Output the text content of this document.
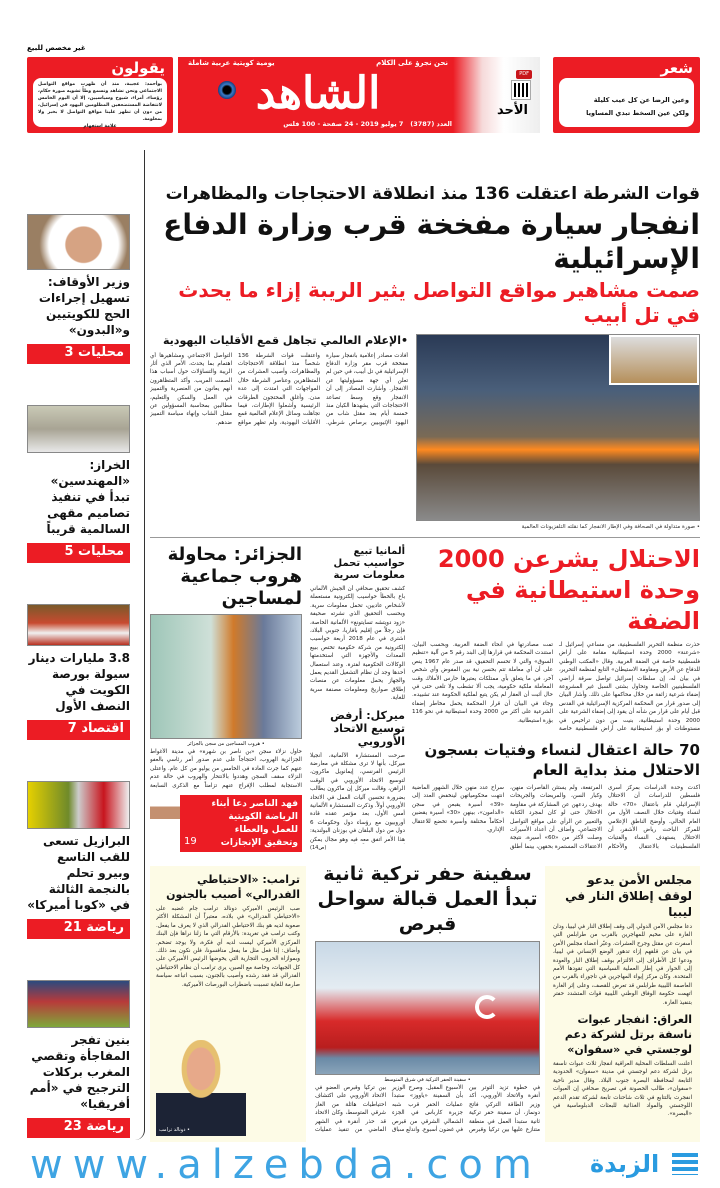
غير مخصص للبيع
يقولون
بوأحمد: عجيبة، منذ أن ظهرت مواقع التواصل الاجتماعي ونحن نشاهد ونسمع وطأً تشويه صورة حكام، رؤساء، أمراء، شيوخ وسياسيين، إلا أن اليوم الخامس لانتفاضة المستضعفين المظلومين اليهود في إسرائيل، من دون أن تظهر علينا مواقع التواصل لا بخبر ولا بمعلومة.
علامة استفهام
نحن نجرؤ على الكلام
يومية كويتية عربية شاملة
الشاهد
العدد (3787)   7 يوليو 2019 - 24 صفحة - 100 فلس
PDF
الأحد
شعر
وعين الرضا عن كل عيب كليلة
ولكن عين السخط تبدي المساويا
وزير الأوقاف: تسهيل إجراءات الحج للكويتيين و«البدون»
محليات 3
الخراز: «المهندسين» تبدأ في تنفيذ تصاميم مقهى السالمية قريباً
محليات 5
3.8 مليارات دينار سيولة بورصة الكويت في النصف الأول
اقتصاد 7
البرازيل تسعى للقب التاسع وبيرو تحلم بالنجمة الثالثة في «كوبا أميركا»
رياضة 21
بنين تفجر المفاجأة وتقصي المغرب بركلات الترجيح في «أمم أفريقيا»
رياضة 23
قوات الشرطة اعتقلت 136 منذ انطلاقة الاحتجاجات والمظاهرات
انفجار سيارة مفخخة قرب وزارة الدفاع الإسرائيلية
صمت مشاهير مواقع التواصل يثير الريبة إزاء ما يحدث في تل أبيب
• صورة متداولة في الصحافة وفي الإطار الانفجار كما نقلته التلفزيونات العالمية
•الإعلام العالمي تجاهل قمع الأقليات اليهودية
أفادت مصادر إعلامية بانفجار سيارة مفخخة قرب مقر وزارة الدفاع الإسرائيلية في تل أبيب، في حين لم تعلن أي جهة مسؤوليتها عن الانفجار. وأشارت المصادر إلى أن الانفجار وقع وسط تصاعد الاحتجاجات التي يشهدها الكيان منذ خمسة أيام بعد مقتل شاب من اليهود الإثيوبيين برصاص شرطي. واعتقلت قوات الشرطة 136 شخصاً منذ انطلاقة الاحتجاجات والمظاهرات، وأصيب العشرات من المتظاهرين وعناصر الشرطة خلال المواجهات التي امتدت إلى عدة مدن. وأغلق المحتجون الطرقات الرئيسية وأشعلوا الإطارات، فيما تجاهلت وسائل الإعلام العالمية قمع الأقليات اليهودية، ولم تظهر مواقع التواصل الاجتماعي ومشاهيرها أي اهتمام بما يحدث، الأمر الذي أثار الريبة والتساؤلات حول أسباب هذا الصمت المريب. وأكد المتظاهرون أنهم يعانون من العنصرية والتمييز في العمل والسكن والتعليم، مطالبين بمحاسبة المسؤولين عن مقتل الشاب وإنهاء سياسة التمييز ضدهم.
الجزائر: محاولة هروب جماعية لمساجين
• هروب المساجين من سجن بالجزائر
حاول نزلاء سجن «بن ناصر بن شهرة» في مدينة الأغواط الجزائرية الهروب، احتجاجاً على عدم صدور أمر رئاسي بالعفو عنهم كما جرت العادة في الخامس من يوليو من كل عام. واعتلى النزلاء سقف السجن وهددوا بالانتحار والهروب في حالة عدم الاستجابة لمطلب الإفراج عنهم تزامناً مع الذكرى السابعة
ألمانيا تبيع حواسيب تحمل معلومات سرية
كشف تحقيق صحافي أن الجيش الألماني باع بالخطأ حواسيب إلكترونية مستعملة لأشخاص عاديين، تحمل معلومات سرية. وبحسب التحقيق الذي نشرته صحيفة «زود دويتشه تسايتونغ» الألمانية الخاصة، فإن رجلاً من إقليم بافاريا، جنوبي البلاد، اشترى في عام 2018 أربعة حواسيب إلكترونية من شركة حكومية تختص ببيع المعدات والأجهزة التي استخدمتها الوكالات الحكومية لفترة. وعند استعمال أحدها وجد أن نظام التشغيل القديم يعمل والجهاز يحمل معلومات عن منصات إطلاق صواريخ ومعلومات مصنفة سرية للغاية.
ميركل: أرفض توسيع الاتحاد الأوروبي
صرحت المستشارة الألمانية، أنجيلا ميركل، بأنها لا ترى مشكلة في معارضة الرئيس الفرنسي، إيمانويل ماكرون، لتوسيع الاتحاد الأوروبي في الوقت الراهن، وقالت ميركل إن ماكرون يطالب بضرورة تحسين آليات العمل في الاتحاد الأوروبي أولاً. وذكرت المستشارة الألمانية أمس الأول، بعد مؤتمر عقده قادة أوروبيون مع رؤساء دول وحكومات 6 دول من دول البلقان في بوزنان البولندية: هذا الأمر اتفق معه فيه وهو مجال يمكن
(ص14)
الاحتلال يشرعن 2000 وحدة استيطانية في الضفة
حذرت منظمة التحرير الفلسطينية، من مساعي إسرائيل لـ «شرعنة» 2000 وحدة استيطانية مقامة على أراض فلسطينية خاصة في الضفة الغربية. وقال «المكتب الوطني للدفاع عن الأرض ومقاومة الاستيطان» التابع لمنظمة التحرير، في بيان له، إن سلطات إسرائيل تواصل سرقة أراضي الفلسطينيين الخاصة وتحاول بشتى السبل غير المشروعة إضفاء شرعية زائفة من خلال محاكمها على ذلك. وأشار البيان إلى صدور قرار من المحكمة المركزية الإسرائيلية في القدس قبل أيام على قرار من شأنه أن يقود إلى إضفاء الشرعية على 2000 وحدة استيطانية، بنيت من دون تراخيص في مستوطنات أو بؤر استيطانية على أراض فلسطينية خاصة تمت مصادرتها في أنحاء الضفة الغربية. وبحسب البيان، استندت المحكمة في قرارها إلى البند رقم 5 من آلية «تنظيم السوق» والتي لا تحسم التحقيق، قد صدر عام 1967 ينص على أن أي معاملة تتم بحسن نية بين المفوض وأي شخص آخر، في ما يتعلق بأي ممتلكات يعتبرها حارس الأملاك وقت المعاملة ملكية حكومية، يجب ألا تشطب ولا تلغى حتى في حال أثبت أن العقار لم يكن يتبع لملكية الحكومة عند تشييده. وجاء في البيان أن قرار المحكمة يحمل مخاطر إضفاء الشرعية على أكثر من 2000 وحدة استيطانية في نحو 116 بؤرة استيطانية.
70 حالة اعتقال لنساء وفتيات بسجون الاحتلال منذ بداية العام
أكدت وحدة الدراسات بمركز أسرى فلسطين للدراسات أن الاحتلال الإسرائيلي قام باعتقال «70» حالة لنساء وفتيات خلال النصف الأول من العام الحالي. وأوضح الناطق الإعلامي للمركز الباحث رياض الأشقر، أن الاحتلال يستهدف النساء والفتيات الفلسطينيات بالاعتقال والأحكام المرتفعة، ولم يستثن القاصرات منهن، وكبار السن، والمريضات والجريحات بهدف ردعهن عن المشاركة في مقاومة الاحتلال حتى لو كان لمجرد الكتابة والتعبير عن الرأي على مواقع التواصل الاجتماعي. وأضاف أن أعداد الأسيرات وصلت لأكثر من «60» أسيرة، نتيجة الاعتقالات المستمرة بحقهن، بينما أطلق سراح عدد منهن خلال الشهور الماضية انتهت محكومياتهن لينخفض العدد إلى «39» أسيرة يقبعن في سجن «الدامون»، بينهن «30» أسيرة يقضين أحكاماً مختلفة وأسيرة تخضع للاعتقال الإداري.
19
فهد الناصر دعا أبناء الرياضة الكويتية للعمل والعطاء وتحقيق الإنجازات
مجلس الأمن يدعو لوقف إطلاق النار في ليبيا
دعا مجلس الأمن الدولي إلى وقف إطلاق النار في ليبيا، ودان الغارة على مخيم للمهاجرين بالقرب من طرابلس التي أسفرت عن مقتل وجرح العشرات. وعبّر أعضاء مجلس الأمن في بيان عن قلقهم إزاء تدهور الوضع الإنساني في ليبيا، ودعوا كل الأطراف إلى الالتزام بوقف إطلاق النار والعودة إلى الحوار في إطار العملية السياسية التي تقودها الأمم المتحدة. وكان مركز إيواء المهاجرين في تاجوراء بالقرب من العاصمة الليبية طرابلس قد تعرض للقصف، وعلى إثر الغارة اتهمت حكومة الوفاق الوطني الليبية قوات المتشدد حفتر بتنفيذ الغارة.
العراق: انفجار عبوات ناسفة برتل لشركة دعم لوجستي في «سفوان»
أعلنت السلطات المحلية العراقية انفجار ثلاث عبوات ناسفة برتل لشركة دعم لوجستي في مدينة «سفوان» الحدودية التابعة لمحافظة البصرة جنوب البلاد. وقال مدير ناحية «سفوان»، طالب الحصونة في تصريح صحافي إن العبوات انفجرت بالتتابع في ثلاث شاحنات تابعة لشركة تقدم الدعم اللوجستي والمواد الغذائية للبعثات الدبلوماسية في «البصرة».
سفينة حفر تركية ثانية تبدأ العمل قبالة سواحل قبرص
• سفينة الحفر التركية في شرق المتوسط
في خطوة تزيد التوتر بين أنقرة والاتحاد الأوروبي، أكد وزير الطاقة التركي فاتح دونماز، أن سفينة حفر تركية ثانية ستبدأ العمل في منطقة متنازع عليها بين تركيا وقبرص الأسبوع المقبل. وصرح الوزير بأن السفينة «ياووز» ستبدأ عمليات الحفر قرب شبه جزيرة كارباس في الجزء الشمالي الشرقي من قبرص في غضون أسبوع. واندلع سباق بين تركيا وقبرص العضو في الاتحاد الأوروبي على اكتشاف احتياطيات هائلة من الغاز شرقي المتوسط، وكان الاتحاد قد حذر أنقرة في الشهر الماضي من تنفيذ عمليات
ترامب: «الاحتياطي الفدرالي» أصيب بالجنون
صب الرئيس الأميركي دونالد ترامب جام غضبه على «الاحتياطي الفدرالي» في بلاده، معتبراً أن المشكلة الأكثر صعوبة لديه هو بنك الاحتياطي الفدرالي الذي لا يعرف ما يفعل. وكتب ترامب في تغريدة: بالأرقام التي ما زلنا نراها فإن البنك المركزي الأميركي ليست لديه أي فكرة، ولا يوجد تضخم. وأضاف: إذا فعل مثل ما يفعل منافسونا، فلن نكون بعد ذلك. وبموازاة الحروب التجارية التي يخوضها الرئيس الأميركي على كل الجبهات، وخاصة مع الصين، يرى ترامب أن نظام الاحتياطي الفدرالي قد فقد رشده وأصيب بالجنون، بسبب اتباعه سياسة صارمة للغاية تسببت باضطراب البورصات الأميركية.
• دونالد ترامب
www.alzebda.com	الزبدة
